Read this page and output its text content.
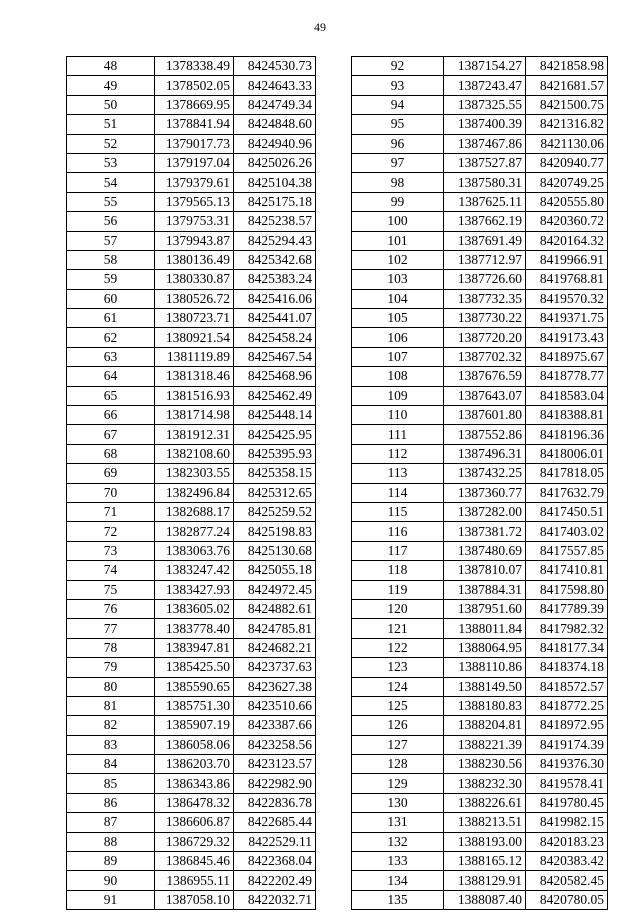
49
48	1378338.49	8424530.73
49	1378502.05	8424643.33
50	1378669.95	8424749.34
51	1378841.94	8424848.60
52	1379017.73	8424940.96
53	1379197.04	8425026.26
54	1379379.61	8425104.38
55	1379565.13	8425175.18
56	1379753.31	8425238.57
57	1379943.87	8425294.43
58	1380136.49	8425342.68
59	1380330.87	8425383.24
60	1380526.72	8425416.06
61	1380723.71	8425441.07
62	1380921.54	8425458.24
63	1381119.89	8425467.54
64	1381318.46	8425468.96
65	1381516.93	8425462.49
66	1381714.98	8425448.14
67	1381912.31	8425425.95
68	1382108.60	8425395.93
69	1382303.55	8425358.15
70	1382496.84	8425312.65
71	1382688.17	8425259.52
72	1382877.24	8425198.83
73	1383063.76	8425130.68
74	1383247.42	8425055.18
75	1383427.93	8424972.45
76	1383605.02	8424882.61
77	1383778.40	8424785.81
78	1383947.81	8424682.21
79	1385425.50	8423737.63
80	1385590.65	8423627.38
81	1385751.30	8423510.66
82	1385907.19	8423387.66
83	1386058.06	8423258.56
84	1386203.70	8423123.57
85	1386343.86	8422982.90
86	1386478.32	8422836.78
87	1386606.87	8422685.44
88	1386729.32	8422529.11
89	1386845.46	8422368.04
90	1386955.11	8422202.49
91	1387058.10	8422032.71
92	1387154.27	8421858.98
93	1387243.47	8421681.57
94	1387325.55	8421500.75
95	1387400.39	8421316.82
96	1387467.86	8421130.06
97	1387527.87	8420940.77
98	1387580.31	8420749.25
99	1387625.11	8420555.80
100	1387662.19	8420360.72
101	1387691.49	8420164.32
102	1387712.97	8419966.91
103	1387726.60	8419768.81
104	1387732.35	8419570.32
105	1387730.22	8419371.75
106	1387720.20	8419173.43
107	1387702.32	8418975.67
108	1387676.59	8418778.77
109	1387643.07	8418583.04
110	1387601.80	8418388.81
111	1387552.86	8418196.36
112	1387496.31	8418006.01
113	1387432.25	8417818.05
114	1387360.77	8417632.79
115	1387282.00	8417450.51
116	1387381.72	8417403.02
117	1387480.69	8417557.85
118	1387810.07	8417410.81
119	1387884.31	8417598.80
120	1387951.60	8417789.39
121	1388011.84	8417982.32
122	1388064.95	8418177.34
123	1388110.86	8418374.18
124	1388149.50	8418572.57
125	1388180.83	8418772.25
126	1388204.81	8418972.95
127	1388221.39	8419174.39
128	1388230.56	8419376.30
129	1388232.30	8419578.41
130	1388226.61	8419780.45
131	1388213.51	8419982.15
132	1388193.00	8420183.23
133	1388165.12	8420383.42
134	1388129.91	8420582.45
135	1388087.40	8420780.05
